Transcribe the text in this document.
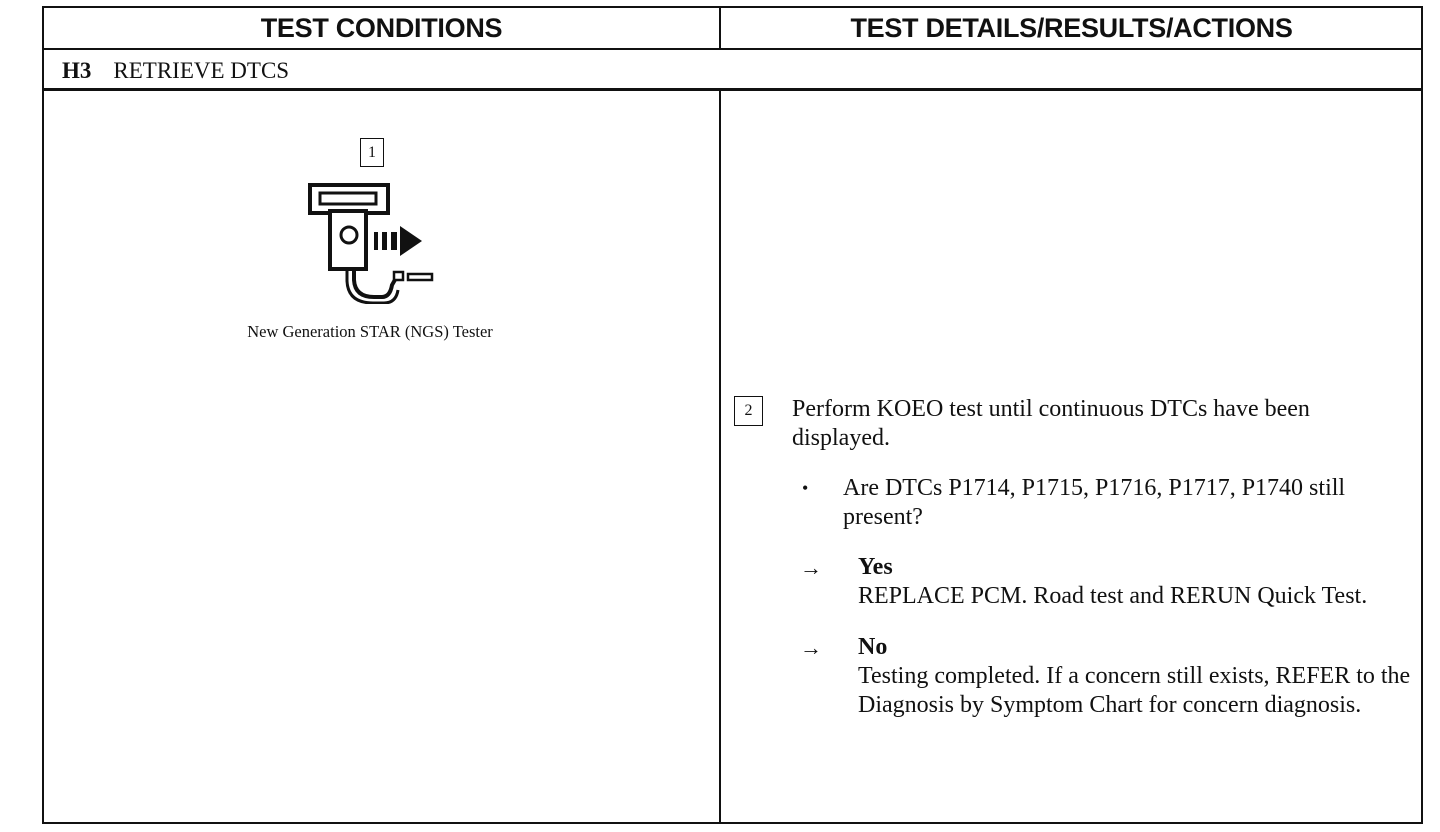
TEST CONDITIONS	TEST DETAILS/RESULTS/ACTIONS
H3 RETRIEVE DTCS
1
New Generation STAR (NGS) Tester
2	Perform KOEO test until continuous DTCs have been displayed.

•	Are DTCs P1714, P1715, P1716, P1717, P1740 still present?
→	Yes
REPLACE PCM. Road test and RERUN Quick Test.
→	No
Testing completed. If a concern still exists, REFER to the Diagnosis by Symptom Chart for concern diagnosis.
